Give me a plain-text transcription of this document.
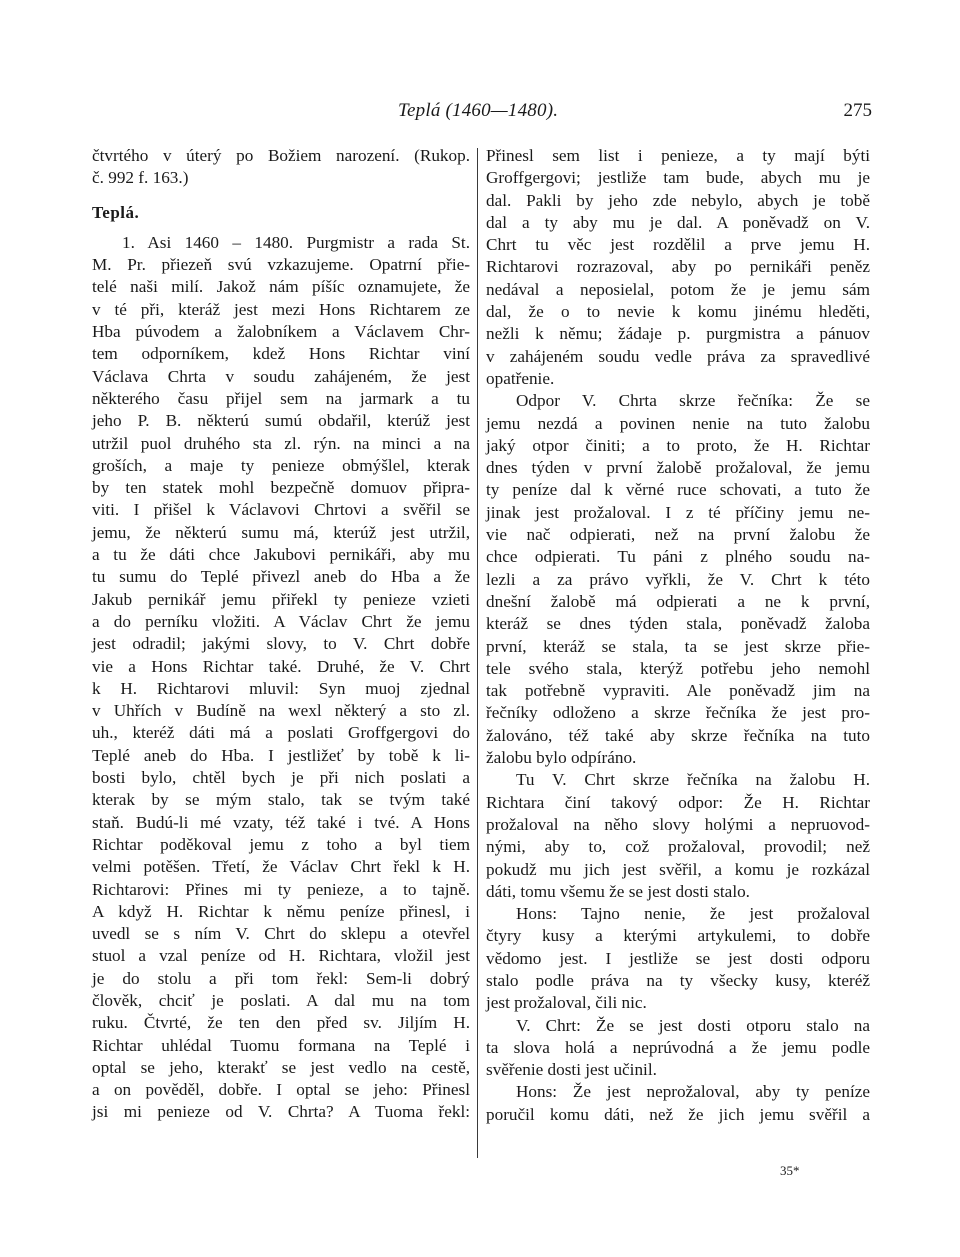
Teplá (1460—1480).	275
čtvrtého v úterý po Božiem narození. (Rukop.
č. 992 f. 163.)
Teplá.
1. Asi 1460 – 1480. Purgmistr a rada St.
M. Pr. přiezeň svú vzkazujeme. Opatrní přie-
telé naši milí. Jakož nám píšíc oznamujete, že
v té při, kteráž jest mezi Hons Richtarem ze
Hba púvodem a žalobníkem a Václavem Chr-
tem odporníkem, kdež Hons Richtar viní
Václava Chrta v soudu zahájeném, že jest
některého času přijel sem na jarmark a tu
jeho P. B. některú sumú obdařil, kterúž jest
utržil puol druhého sta zl. rýn. na minci a na
groších, a maje ty penieze obmýšlel, kterak
by ten statek mohl bezpečně domuov připra-
viti. I přišel k Václavovi Chrtovi a svěřil se
jemu, že některú sumu má, kterúž jest utržil,
a tu že dáti chce Jakubovi pernikáři, aby mu
tu sumu do Teplé přivezl aneb do Hba a že
Jakub pernikář jemu přiřekl ty penieze vzieti
a do perníku vložiti. A Václav Chrt že jemu
jest odradil; jakými slovy, to V. Chrt dobře
vie a Hons Richtar také. Druhé, že V. Chrt
k H. Richtarovi mluvil: Syn muoj zjednal
v Uhřích v Budíně na wexl některý a sto zl.
uh., kteréž dáti má a poslati Groffgergovi do
Teplé aneb do Hba. I jestližeť by tobě k li-
bosti bylo, chtěl bych je při nich poslati a
kterak by se mým stalo, tak se tvým také
staň. Budú-li mé vzaty, též také i tvé. A Hons
Richtar poděkoval jemu z toho a byl tiem
velmi potěšen. Třetí, že Václav Chrt řekl k H.
Richtarovi: Přines mi ty penieze, a to tajně.
A když H. Richtar k němu peníze přinesl, i
uvedl se s ním V. Chrt do sklepu a otevřel
stuol a vzal peníze od H. Richtara, vložil jest
je do stolu a při tom řekl: Sem-li dobrý
člověk, chciť je poslati. A dal mu na tom
ruku. Čtvrté, že ten den před sv. Jiljím H.
Richtar uhlédal Tuomu formana na Teplé i
optal se jeho, kterakť se jest vedlo na cestě,
a on pověděl, dobře. I optal se jeho: Přinesl
jsi mi penieze od V. Chrta? A Tuoma řekl:
Přinesl sem list i penieze, a ty mají býti
Groffgergovi; jestliže tam bude, abych mu je
dal. Pakli by jeho zde nebylo, abych je tobě
dal a ty aby mu je dal. A poněvadž on V.
Chrt tu věc jest rozdělil a prve jemu H.
Richtarovi rozrazoval, aby po pernikáři peněz
nedával a neposielal, potom že je jemu sám
dal, že o to nevie k komu jinému hleděti,
nežli k němu; žádaje p. purgmistra a pánuov
v zahájeném soudu vedle práva za spravedlivé
opatřenie.
Odpor V. Chrta skrze řečníka: Že se
jemu nezdá a povinen nenie na tuto žalobu
jaký otpor činiti; a to proto, že H. Richtar
dnes týden v první žalobě prožaloval, že jemu
ty peníze dal k věrné ruce schovati, a tuto že
jinak jest prožaloval. I z té příčiny jemu ne-
vie nač odpierati, než na první žalobu že
chce odpierati. Tu páni z plného soudu na-
lezli a za právo vyřkli, že V. Chrt k této
dnešní žalobě má odpierati a ne k první,
kteráž se dnes týden stala, poněvadž žaloba
první, kteráž se stala, ta se jest skrze přie-
tele svého stala, kterýž potřebu jeho nemohl
tak potřebně vypraviti. Ale poněvadž jim na
řečníky odloženo a skrze řečníka že jest pro-
žalováno, též také aby skrze řečníka na tuto
žalobu bylo odpíráno.
Tu V. Chrt skrze řečníka na žalobu H.
Richtara činí takový odpor: Že H. Richtar
prožaloval na něho slovy holými a nepruovod-
nými, aby to, což prožaloval, provodil; než
pokudž mu jich jest svěřil, a komu je rozkázal
dáti, tomu všemu že se jest dosti stalo.
Hons: Tajno nenie, že jest prožaloval
čtyry kusy a kterými artykulemi, to dobře
vědomo jest. I jestliže se jest dosti odporu
stalo podle práva na ty všecky kusy, kteréž
jest prožaloval, čili nic.
V. Chrt: Že se jest dosti otporu stalo na
ta slova holá a neprúvodná a že jemu podle
svěřenie dosti jest učinil.
Hons: Že jest neprožaloval, aby ty peníze
poručil komu dáti, než že jich jemu svěřil a
35*
